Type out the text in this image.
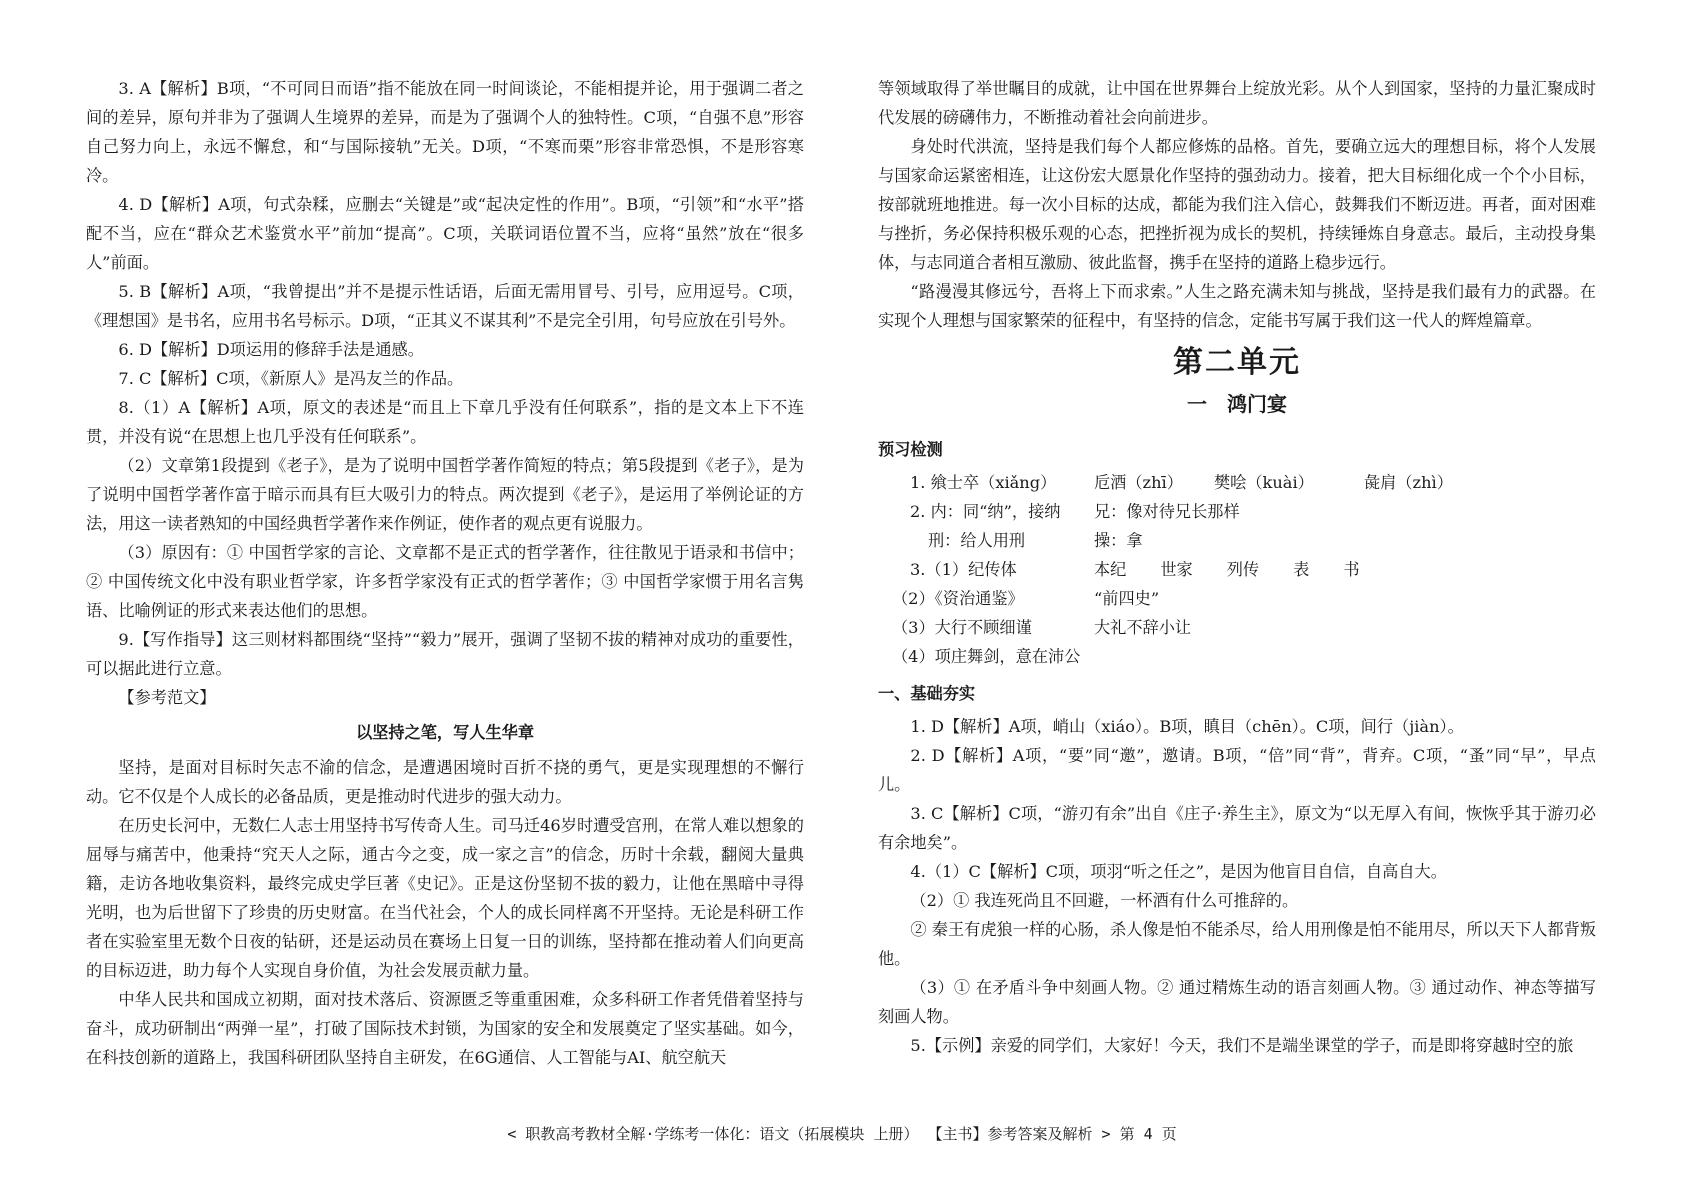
3. A【解析】B项，“不可同日而语”指不能放在同一时间谈论，不能相提并论，用于强调二者之间的差异，原句并非为了强调人生境界的差异，而是为了强调个人的独特性。C项，“自强不息”形容自己努力向上，永远不懈怠，和“与国际接轨”无关。D项，“不寒而栗”形容非常恐惧，不是形容寒冷。

4. D【解析】A项，句式杂糅，应删去“关键是”或“起决定性的作用”。B项，“引领”和“水平”搭配不当，应在“群众艺术鉴赏水平”前加“提高”。C项，关联词语位置不当，应将“虽然”放在“很多人”前面。

5. B【解析】A项，“我曾提出”并不是提示性话语，后面无需用冒号、引号，应用逗号。C项，《理想国》是书名，应用书名号标示。D项，“正其义不谋其利”不是完全引用，句号应放在引号外。

6. D【解析】D项运用的修辞手法是通感。

7. C【解析】C项，《新原人》是冯友兰的作品。

8.（1）A【解析】A项，原文的表述是“而且上下章几乎没有任何联系”，指的是文本上下不连贯，并没有说“在思想上也几乎没有任何联系”。

（2）文章第1段提到《老子》，是为了说明中国哲学著作简短的特点；第5段提到《老子》，是为了说明中国哲学著作富于暗示而具有巨大吸引力的特点。两次提到《老子》，是运用了举例论证的方法，用这一读者熟知的中国经典哲学著作来作例证，使作者的观点更有说服力。

（3）原因有：① 中国哲学家的言论、文章都不是正式的哲学著作，往往散见于语录和书信中；② 中国传统文化中没有职业哲学家，许多哲学家没有正式的哲学著作；③ 中国哲学家惯于用名言隽语、比喻例证的形式来表达他们的思想。

9.【写作指导】这三则材料都围绕“坚持”“毅力”展开，强调了坚韧不拔的精神对成功的重要性，可以据此进行立意。

【参考范文】

以坚持之笔，写人生华章

坚持，是面对目标时矢志不渝的信念，是遭遇困境时百折不挠的勇气，更是实现理想的不懈行动。它不仅是个人成长的必备品质，更是推动时代进步的强大动力。

在历史长河中，无数仁人志士用坚持书写传奇人生。司马迁46岁时遭受宫刑，在常人难以想象的屈辱与痛苦中，他秉持“究天人之际，通古今之变，成一家之言”的信念，历时十余载，翻阅大量典籍，走访各地收集资料，最终完成史学巨著《史记》。正是这份坚韧不拔的毅力，让他在黑暗中寻得光明，也为后世留下了珍贵的历史财富。在当代社会，个人的成长同样离不开坚持。无论是科研工作者在实验室里无数个日夜的钻研，还是运动员在赛场上日复一日的训练，坚持都在推动着人们向更高的目标迈进，助力每个人实现自身价值，为社会发展贡献力量。

中华人民共和国成立初期，面对技术落后、资源匮乏等重重困难，众多科研工作者凭借着坚持与奋斗，成功研制出“两弹一星”，打破了国际技术封锁，为国家的安全和发展奠定了坚实基础。如今，在科技创新的道路上，我国科研团队坚持自主研发，在6G通信、人工智能与AI、航空航天

等领域取得了举世瞩目的成就，让中国在世界舞台上绽放光彩。从个人到国家，坚持的力量汇聚成时代发展的磅礴伟力，不断推动着社会向前进步。

身处时代洪流，坚持是我们每个人都应修炼的品格。首先，要确立远大的理想目标，将个人发展与国家命运紧密相连，让这份宏大愿景化作坚持的强劲动力。接着，把大目标细化成一个个小目标，按部就班地推进。每一次小目标的达成，都能为我们注入信心，鼓舞我们不断迈进。再者，面对困难与挫折，务必保持积极乐观的心态，把挫折视为成长的契机，持续锤炼自身意志。最后，主动投身集体，与志同道合者相互激励、彼此监督，携手在坚持的道路上稳步远行。

“路漫漫其修远兮，吾将上下而求索。”人生之路充满未知与挑战，坚持是我们最有力的武器。在实现个人理想与国家繁荣的征程中，有坚持的信念，定能书写属于我们这一代人的辉煌篇章。

第二单元
一　鸿门宴
预习检测
1. 飨士卒（xiǎng）	卮酒（zhī）	樊哙（kuài）	彘肩（zhì）
2. 内：同“纳”，接纳	兄：像对待兄长那样
刑：给人用刑	操：拿
3.（1）纪传体	本纪 世家 列传 表 书
（2）《资治通鉴》	“前四史”
（3）大行不顾细谨	大礼不辞小让
（4）项庄舞剑，意在沛公
一、基础夯实

1. D【解析】A项，峭山（xiáo）。B项，瞋目（chēn）。C项，间行（jiàn）。

2. D【解析】A项，“要”同“邀”，邀请。B项，“倍”同“背”，背弃。C项，“蚤”同“早”，早点儿。

3. C【解析】C项，“游刃有余”出自《庄子·养生主》，原文为“以无厚入有间，恢恢乎其于游刃必有余地矣”。

4.（1）C【解析】C项，项羽“听之任之”，是因为他盲目自信，自高自大。

（2）① 我连死尚且不回避，一杯酒有什么可推辞的。

② 秦王有虎狼一样的心肠，杀人像是怕不能杀尽，给人用刑像是怕不能用尽，所以天下人都背叛他。

（3）① 在矛盾斗争中刻画人物。② 通过精炼生动的语言刻画人物。③ 通过动作、神态等描写刻画人物。

5.【示例】亲爱的同学们，大家好！今天，我们不是端坐课堂的学子，而是即将穿越时空的旅

< 职教高考教材全解·学练考一体化：语文（拓展模块 上册） 【主书】参考答案及解析 > 第 4 页
